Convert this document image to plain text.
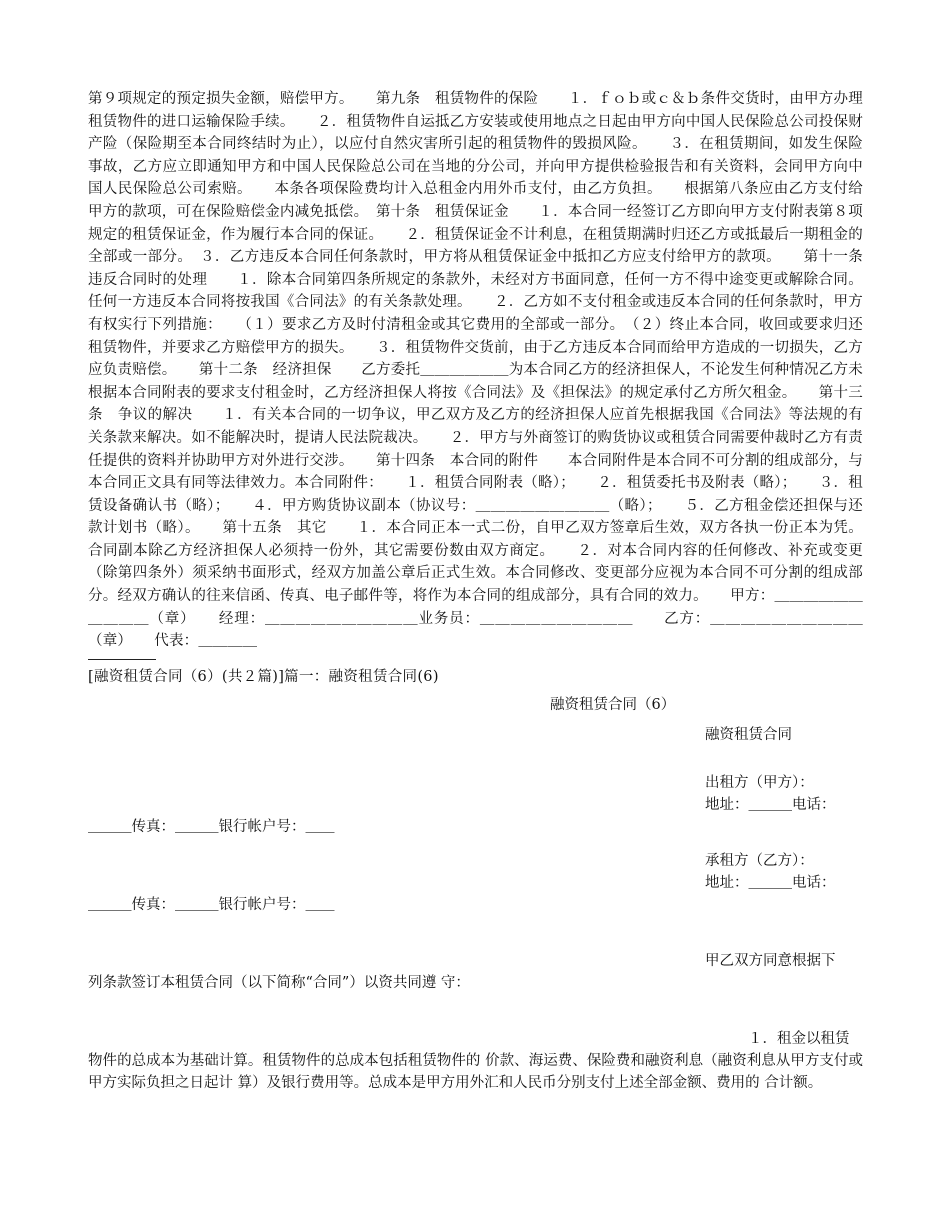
第９项规定的预定损失金额，赔偿甲方。　　第九条　租赁物件的保险　　１．ｆｏｂ或ｃ＆ｂ条件交货时，由甲方办理租赁物件的进口运输保险手续。　　２．租赁物件自运抵乙方安装或使用地点之日起由甲方向中国人民保险总公司投保财产险（保险期至本合同终结时为止），以应付自然灾害所引起的租赁物件的毁损风险。　　３．在租赁期间，如发生保险事故，乙方应立即通知甲方和中国人民保险总公司在当地的分公司，并向甲方提供检验报告和有关资料，会同甲方向中国人民保险总公司索赔。　　本条各项保险费均计入总租金内用外币支付，由乙方负担。　　根据第八条应由乙方支付给甲方的款项，可在保险赔偿金内减免抵偿。　第十条　租赁保证金　　１．本合同一经签订乙方即向甲方支付附表第８项规定的租赁保证金，作为履行本合同的保证。　　２．租赁保证金不计利息，在租赁期满时归还乙方或抵最后一期租金的全部或一部分。　３．乙方违反本合同任何条款时，甲方将从租赁保证金中抵扣乙方应支付给甲方的款项。　　第十一条　违反合同时的处理　　１．除本合同第四条所规定的条款外，未经对方书面同意，任何一方不得中途变更或解除合同。任何一方违反本合同将按我国《合同法》的有关条款处理。　　２．乙方如不支付租金或违反本合同的任何条款时，甲方有权实行下列措施：　　（１）要求乙方及时付清租金或其它费用的全部或一部分。　（２）终止本合同，收回或要求归还租赁物件，并要求乙方赔偿甲方的损失。　　３．租赁物件交货前，由于乙方违反本合同而给甲方造成的一切损失，乙方应负责赔偿。　　第十二条　经济担保　　乙方委托＿＿＿＿＿＿为本合同乙方的经济担保人，不论发生何种情况乙方未根据本合同附表的要求支付租金时，乙方经济担保人将按《合同法》及《担保法》的规定承付乙方所欠租金。　　第十三条　争议的解决　　１．有关本合同的一切争议，甲乙双方及乙方的经济担保人应首先根据我国《合同法》等法规的有关条款来解决。如不能解决时，提请人民法院裁决。　　２．甲方与外商签订的购货协议或租赁合同需要仲裁时乙方有责任提供的资料并协助甲方对外进行交涉。　　第十四条　本合同的附件　　本合同附件是本合同不可分割的组成部分，与本合同正文具有同等法律效力。本合同附件：　　１．租赁合同附表（略）；　　２．租赁委托书及附表（略）；　　３．租赁设备确认书（略）；　　４．甲方购货协议副本（协议号：＿＿＿＿＿＿＿＿＿（略）；　　５．乙方租金偿还担保与还款计划书（略）。　　第十五条　其它　　１．本合同正本一式二份，自甲乙双方签章后生效，双方各执一份正本为凭。合同副本除乙方经济担保人必须持一份外，其它需要份数由双方商定。　　２．对本合同内容的任何修改、补充或变更（除第四条外）须采纳书面形式，经双方加盖公章后正式生效。本合同修改、变更部分应视为本合同不可分割的组成部分。经双方确认的往来信函、传真、电子邮件等，将作为本合同的组成部分，具有合同的效力。　　甲方：＿＿＿＿＿＿＿＿＿＿（章）　　经理：＿＿＿＿＿＿＿＿＿＿业务员：＿＿＿＿＿＿＿＿＿＿　　乙方：＿＿＿＿＿＿＿＿＿＿（章）　　代表：＿＿＿＿

[融资租赁合同（6）(共２篇)]篇一：融资租赁合同(6)
融资租赁合同（6）
融资租赁合同
出租方（甲方）：
地址：＿＿＿电话：
＿＿＿传真：＿＿＿银行帐户号：＿＿
承租方（乙方）：
地址：＿＿＿电话：
＿＿＿传真：＿＿＿银行帐户号：＿＿
甲乙双方同意根据下
列条款签订本租赁合同（以下简称“合同”）以资共同遵 守：
１．租金以租赁

物件的总成本为基础计算。租赁物件的总成本包括租赁物件的 价款、海运费、保险费和融资利息（融资利息从甲方支付或甲方实际负担之日起计 算）及银行费用等。总成本是甲方用外汇和人民币分别支付上述全部金额、费用的 合计额。
